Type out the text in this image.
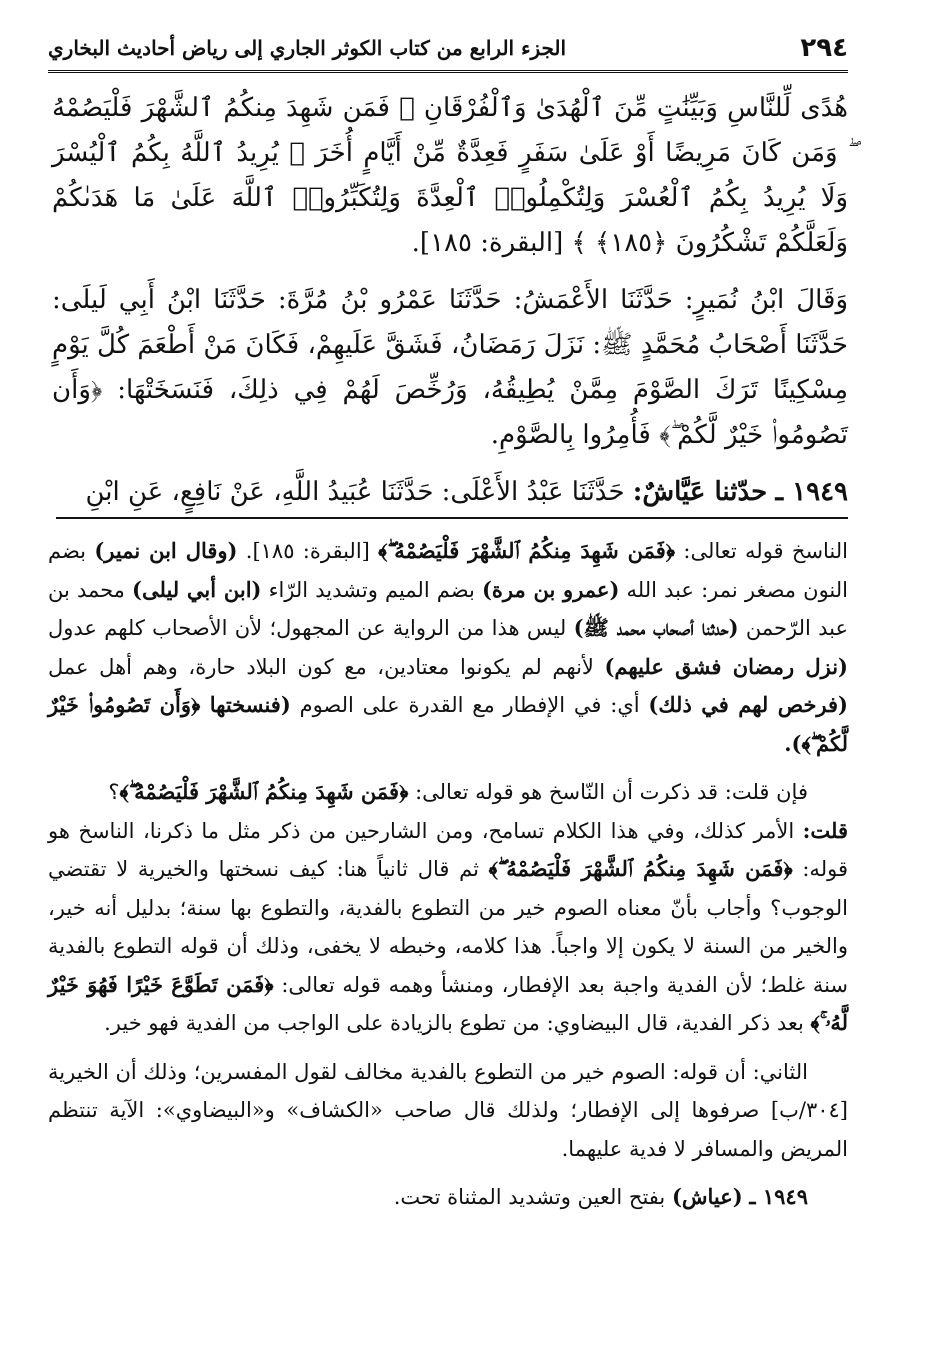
٢٩٤
الجزء الرابع من كتاب الكوثر الجاري إلى رياض أحاديث البخاري

هُدًى لِّلنَّاسِ وَبَيِّنَٰتٍ مِّنَ ٱلْهُدَىٰ وَٱلْفُرْقَانِ ۚ فَمَن شَهِدَ مِنكُمُ ٱلشَّهْرَ فَلْيَصُمْهُ ۖ وَمَن كَانَ مَرِيضًا أَوْ عَلَىٰ سَفَرٍ فَعِدَّةٌ مِّنْ أَيَّامٍ أُخَرَ ۗ يُرِيدُ ٱللَّهُ بِكُمُ ٱلْيُسْرَ وَلَا يُرِيدُ بِكُمُ ٱلْعُسْرَ وَلِتُكْمِلُوا۟ ٱلْعِدَّةَ وَلِتُكَبِّرُوا۟ ٱللَّهَ عَلَىٰ مَا هَدَىٰكُمْ وَلَعَلَّكُمْ تَشْكُرُونَ ﴿١٨٥﴾ ﴾ [البقرة: ١٨٥].

وَقَالَ ابْنُ نُمَيرٍ: حَدَّثَنَا الأَعْمَشُ: حَدَّثَنَا عَمْرُو بْنُ مُرَّةَ: حَدَّثَنَا ابْنُ أَبِي لَيلَى: حَدَّثَنَا أَصْحَابُ مُحَمَّدٍ ﷺ: نَزَلَ رَمَضَانُ، فَشَقَّ عَلَيهِمْ، فَكَانَ مَنْ أَطْعَمَ كُلَّ يَوْمٍ مِسْكِينًا تَرَكَ الصَّوْمَ مِمَّنْ يُطِيقُهُ، وَرُخِّصَ لَهُمْ فِي ذلِكَ، فَنَسَخَتْهَا: ﴿وَأَن تَصُومُوا۟ خَيْرٌ لَّكُمْ ۖ﴾ فَأُمِرُوا بِالصَّوْمِ.

١٩٤٩ ـ حدّثنا عَيَّاشٌ: حَدَّثَنَا عَبْدُ الأَعْلَى: حَدَّثَنَا عُبَيدُ اللَّهِ، عَنْ نَافِعٍ، عَنِ ابْنِ

الناسخ قوله تعالى: ﴿فَمَن شَهِدَ مِنكُمُ ٱلشَّهْرَ فَلْيَصُمْهُ ۖ﴾ [البقرة: ١٨٥]. (وقال ابن نمير) بضم النون مصغر نمر: عبد الله (عمرو بن مرة) بضم الميم وتشديد الرّاء (ابن أبي ليلى) محمد بن عبد الرّحمن (حدثنا أصحاب محمد ﷺ) ليس هذا من الرواية عن المجهول؛ لأن الأصحاب كلهم عدول (نزل رمضان فشق عليهم) لأنهم لم يكونوا معتادين، مع كون البلاد حارة، وهم أهل عمل (فرخص لهم في ذلك) أي: في الإفطار مع القدرة على الصوم (فنسختها ﴿وَأَن تَصُومُوا۟ خَيْرٌ لَّكُمْ ۖ﴾).

فإن قلت: قد ذكرت أن النّاسخ هو قوله تعالى: ﴿فَمَن شَهِدَ مِنكُمُ ٱلشَّهْرَ فَلْيَصُمْهُ ۖ﴾؟
قلت: الأمر كذلك، وفي هذا الكلام تسامح، ومن الشارحين من ذكر مثل ما ذكرنا، الناسخ هو قوله: ﴿فَمَن شَهِدَ مِنكُمُ ٱلشَّهْرَ فَلْيَصُمْهُ ۖ﴾ ثم قال ثانياً هنا: كيف نسختها والخيرية لا تقتضي الوجوب؟ وأجاب بأنّ معناه الصوم خير من التطوع بالفدية، والتطوع بها سنة؛ بدليل أنه خير، والخير من السنة لا يكون إلا واجباً. هذا كلامه، وخبطه لا يخفى، وذلك أن قوله التطوع بالفدية سنة غلط؛ لأن الفدية واجبة بعد الإفطار، ومنشأ وهمه قوله تعالى: ﴿فَمَن تَطَوَّعَ خَيْرًا فَهُوَ خَيْرٌ لَّهُۥ ۚ﴾ بعد ذكر الفدية، قال البيضاوي: من تطوع بالزيادة على الواجب من الفدية فهو خير.

الثاني: أن قوله: الصوم خير من التطوع بالفدية مخالف لقول المفسرين؛ وذلك أن الخيرية [٣٠٤/ب] صرفوها إلى الإفطار؛ ولذلك قال صاحب «الكشاف» و«البيضاوي»: الآية تنتظم المريض والمسافر لا فدية عليهما.

١٩٤٩ ـ (عياش) بفتح العين وتشديد المثناة تحت.
